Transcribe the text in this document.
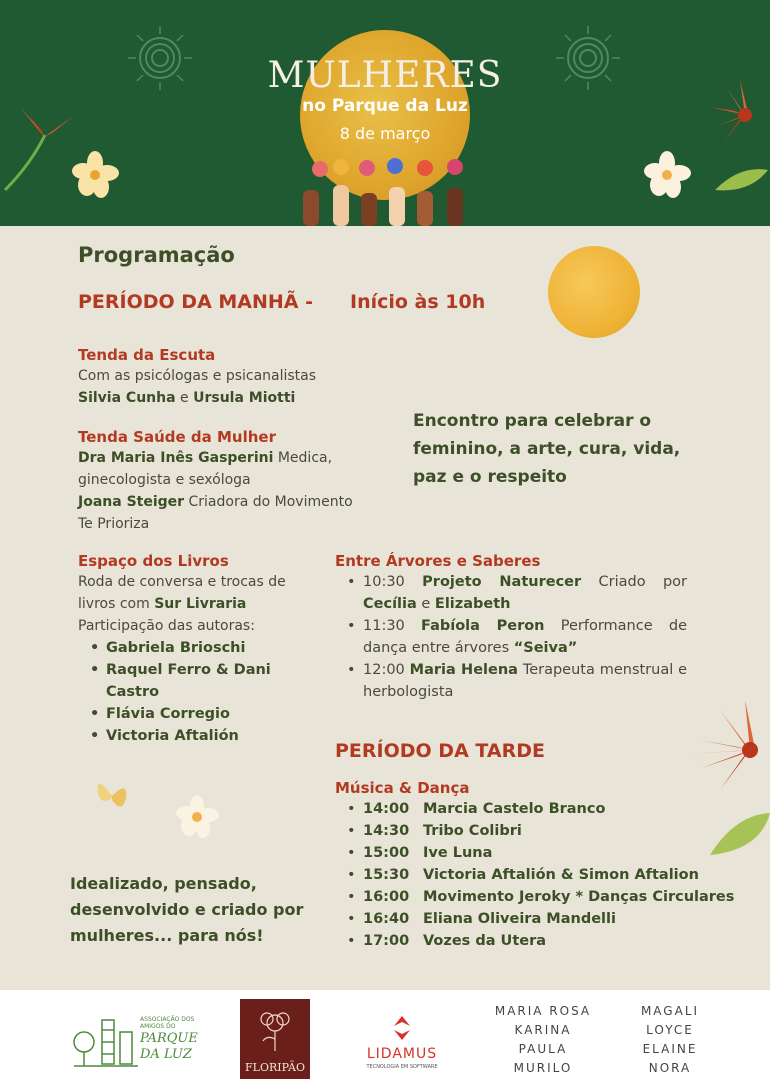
MULHERES
no Parque da Luz
8 de março
Programação
PERÍODO DA MANHÃ - Início às 10h
Tenda da Escuta
Com as psicólogas e psicanalistas
Silvia Cunha e Ursula Miotti
Tenda Saúde da Mulher
Dra Maria Inês Gasperini Medica,
ginecologista e sexóloga
Joana Steiger Criadora do Movimento
Te Prioriza
Encontro para celebrar o feminino, a arte, cura, vida, paz e o respeito
Espaço dos Livros
Roda de conversa e trocas de
livros com Sur Livraria
Participação das autoras:
• Gabriela Brioschi
• Raquel Ferro & Dani Castro
• Flávia Corregio
• Victoria Aftalión
Entre Árvores e Saberes
• 10:30 Projeto Naturecer Criado por Cecília e Elizabeth
• 11:30 Fabíola Peron Performance de dança entre árvores “Seiva”
• 12:00 Maria Helena Terapeuta menstrual e herbologista
PERÍODO DA TARDE
Música & Dança
• 14:00 Marcia Castelo Branco
• 14:30 Tribo Colibri
• 15:00 Ive Luna
• 15:30 Victoria Aftalión & Simon Aftalion
• 16:00 Movimento Jeroky * Danças Circulares
• 16:40 Eliana Oliveira Mandelli
• 17:00 Vozes da Utera
Idealizado, pensado, desenvolvido e criado por mulheres... para nós!
ASSOCIAÇÃO DOS AMIGOS DO
PARQUE
DA LUZ
FLORIPÃO
LIDAMUS
TECNOLOGIA EM SOFTWARE
MARIA ROSA
KARINA
PAULA
MURILO
MAGALI
LOYCE
ELAINE
NORA
